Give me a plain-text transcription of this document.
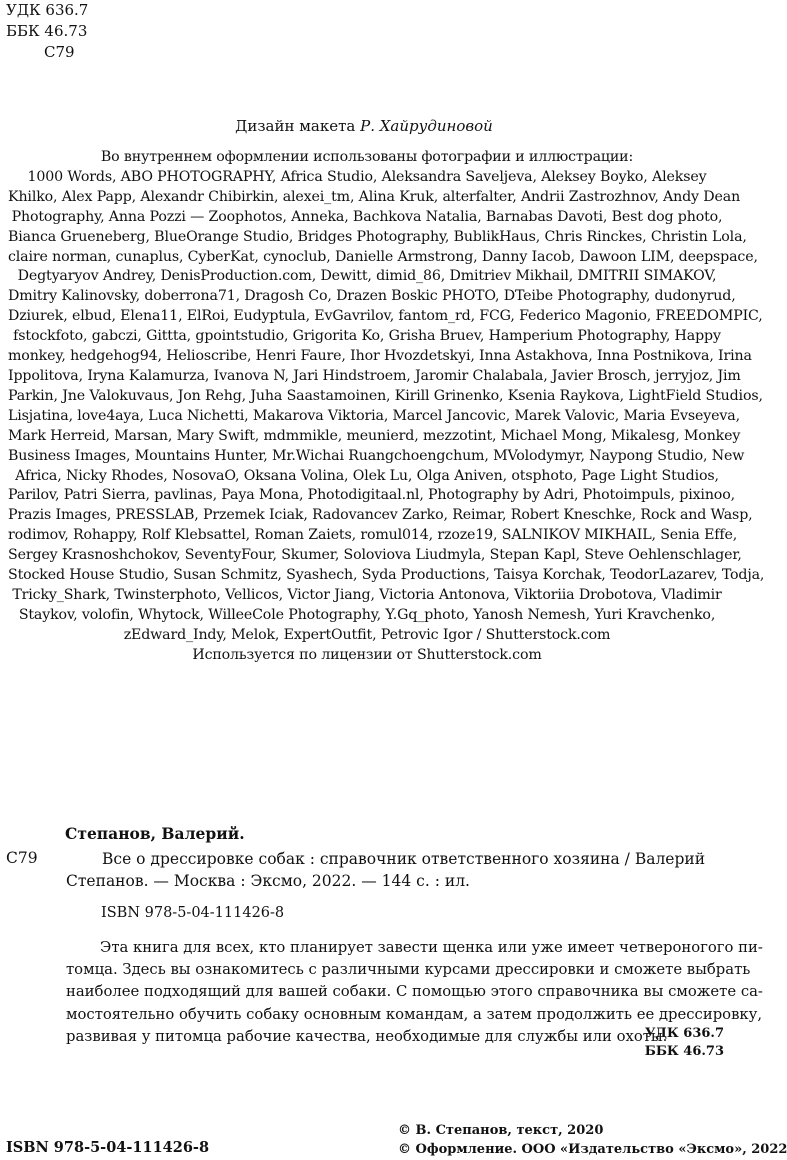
УДК 636.7
ББК 46.73
С79
Дизайн макета Р. Хайрудиновой
Во внутреннем оформлении использованы фотографии и иллюстрации:
1000 Words, ABO PHOTOGRAPHY, Africa Studio, Aleksandra Saveljeva, Aleksey Boyko, Aleksey
Khilko, Alex Papp, Alexandr Chibirkin, alexei_tm, Alina Kruk, alterfalter, Andrii Zastrozhnov, Andy Dean
Photography, Anna Pozzi — Zoophotos, Anneka, Bachkova Natalia, Barnabas Davoti, Best dog photo,
Bianca Grueneberg, BlueOrange Studio, Bridges Photography, BublikHaus, Chris Rinckes, Christin Lola,
claire norman, cunaplus, CyberKat, cynoclub, Danielle Armstrong, Danny Iacob, Dawoon LIM, deepspace,
Degtyaryov Andrey, DenisProduction.com, Dewitt, dimid_86, Dmitriev Mikhail, DMITRII SIMAKOV,
Dmitry Kalinovsky, doberrona71, Dragosh Co, Drazen Boskic PHOTO, DTeibe Photography, dudonyrud,
Dziurek, elbud, Elena11, ElRoi, Eudyptula, EvGavrilov, fantom_rd, FCG, Federico Magonio, FREEDOMPIC,
fstockfoto, gabczi, Gittta, gpointstudio, Grigorita Ko, Grisha Bruev, Hamperium Photography, Happy
monkey, hedgehog94, Helioscribe, Henri Faure, Ihor Hvozdetskyi, Inna Astakhova, Inna Postnikova, Irina
Ippolitova, Iryna Kalamurza, Ivanova N, Jari Hindstroem, Jaromir Chalabala, Javier Brosch, jerryjoz, Jim
Parkin, Jne Valokuvaus, Jon Rehg, Juha Saastamoinen, Kirill Grinenko, Ksenia Raykova, LightField Studios,
Lisjatina, love4aya, Luca Nichetti, Makarova Viktoria, Marcel Jancovic, Marek Valovic, Maria Evseyeva,
Mark Herreid, Marsan, Mary Swift, mdmmikle, meunierd, mezzotint, Michael Mong, Mikalesg, Monkey
Business Images, Mountains Hunter, Mr.Wichai Ruangchoengchum, MVolodymyr, Naypong Studio, New
Africa, Nicky Rhodes, NosovaO, Oksana Volina, Olek Lu, Olga Aniven, otsphoto, Page Light Studios,
Parilov, Patri Sierra, pavlinas, Paya Mona, Photodigitaal.nl, Photography by Adri, Photoimpuls, pixinoo,
Prazis Images, PRESSLAB, Przemek Iciak, Radovancev Zarko, Reimar, Robert Kneschke, Rock and Wasp,
rodimov, Rohappy, Rolf Klebsattel, Roman Zaiets, romul014, rzoze19, SALNIKOV MIKHAIL, Senia Effe,
Sergey Krasnoshchokov, SeventyFour, Skumer, Soloviova Liudmyla, Stepan Kapl, Steve Oehlenschlager,
Stocked House Studio, Susan Schmitz, Syashech, Syda Productions, Taisya Korchak, TeodorLazarev, Todja,
Tricky_Shark, Twinsterphoto, Vellicos, Victor Jiang, Victoria Antonova, Viktoriia Drobotova, Vladimir
Staykov, volofin, Whytock, WilleeCole Photography, Y.Gq_photo, Yanosh Nemesh, Yuri Kravchenko,
zEdward_Indy, Melok, ExpertOutfit, Petrovic Igor / Shutterstock.com
Используется по лицензии от Shutterstock.com
Степанов, Валерий.
С79	Все о дрессировке собак : справочник ответственного хозяина / Валерий
Степанов. — Москва : Эксмо, 2022. — 144 с. : ил.
ISBN 978-5-04-111426-8
Эта книга для всех, кто планирует завести щенка или уже имеет четвероногого пи-
томца. Здесь вы ознакомитесь с различными курсами дрессировки и сможете выбрать
наиболее подходящий для вашей собаки. С помощью этого справочника вы сможете са-
мостоятельно обучить собаку основным командам, а затем продолжить ее дрессировку,
развивая у питомца рабочие качества, необходимые для службы или охоты.
УДК 636.7
ББК 46.73
© В. Степанов, текст, 2020
© Оформление. ООО «Издательство «Эксмо», 2022
ISBN 978-5-04-111426-8
